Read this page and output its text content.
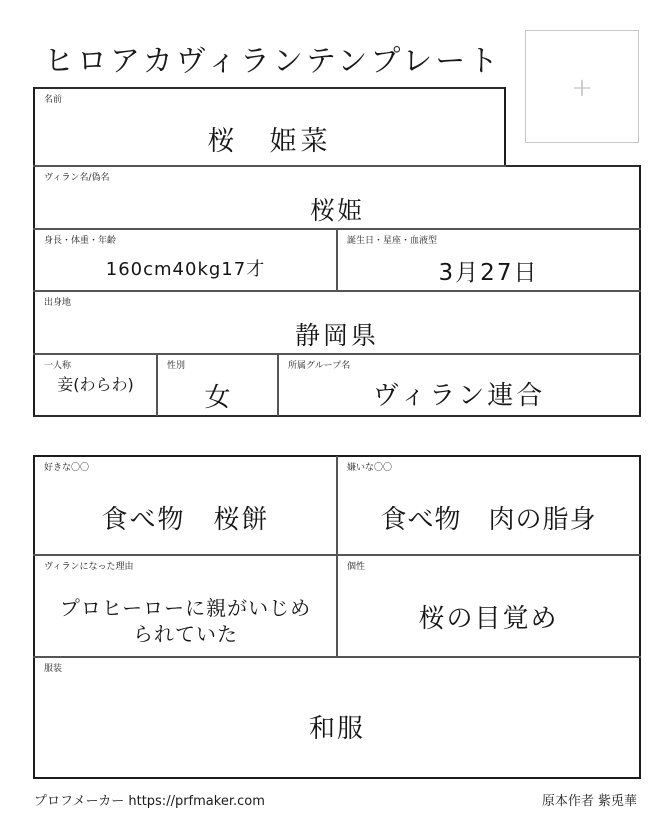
ヒロアカヴィランテンプレート
+
名前
桜　姫菜
ヴィラン名/偽名
桜姫
身長・体重・年齢
160cm40kg17才
誕生日・星座・血液型
3月27日
出身地
静岡県
一人称
妾(わらわ)
性別
女
所属グループ名
ヴィラン連合
好きな〇〇
食べ物　桜餅
嫌いな〇〇
食べ物　肉の脂身
ヴィランになった理由
プロヒーローに親がいじめ
られていた
個性
桜の目覚め
服装
和服
プロフメーカー https://prfmaker.com	原本作者 紫兎華
